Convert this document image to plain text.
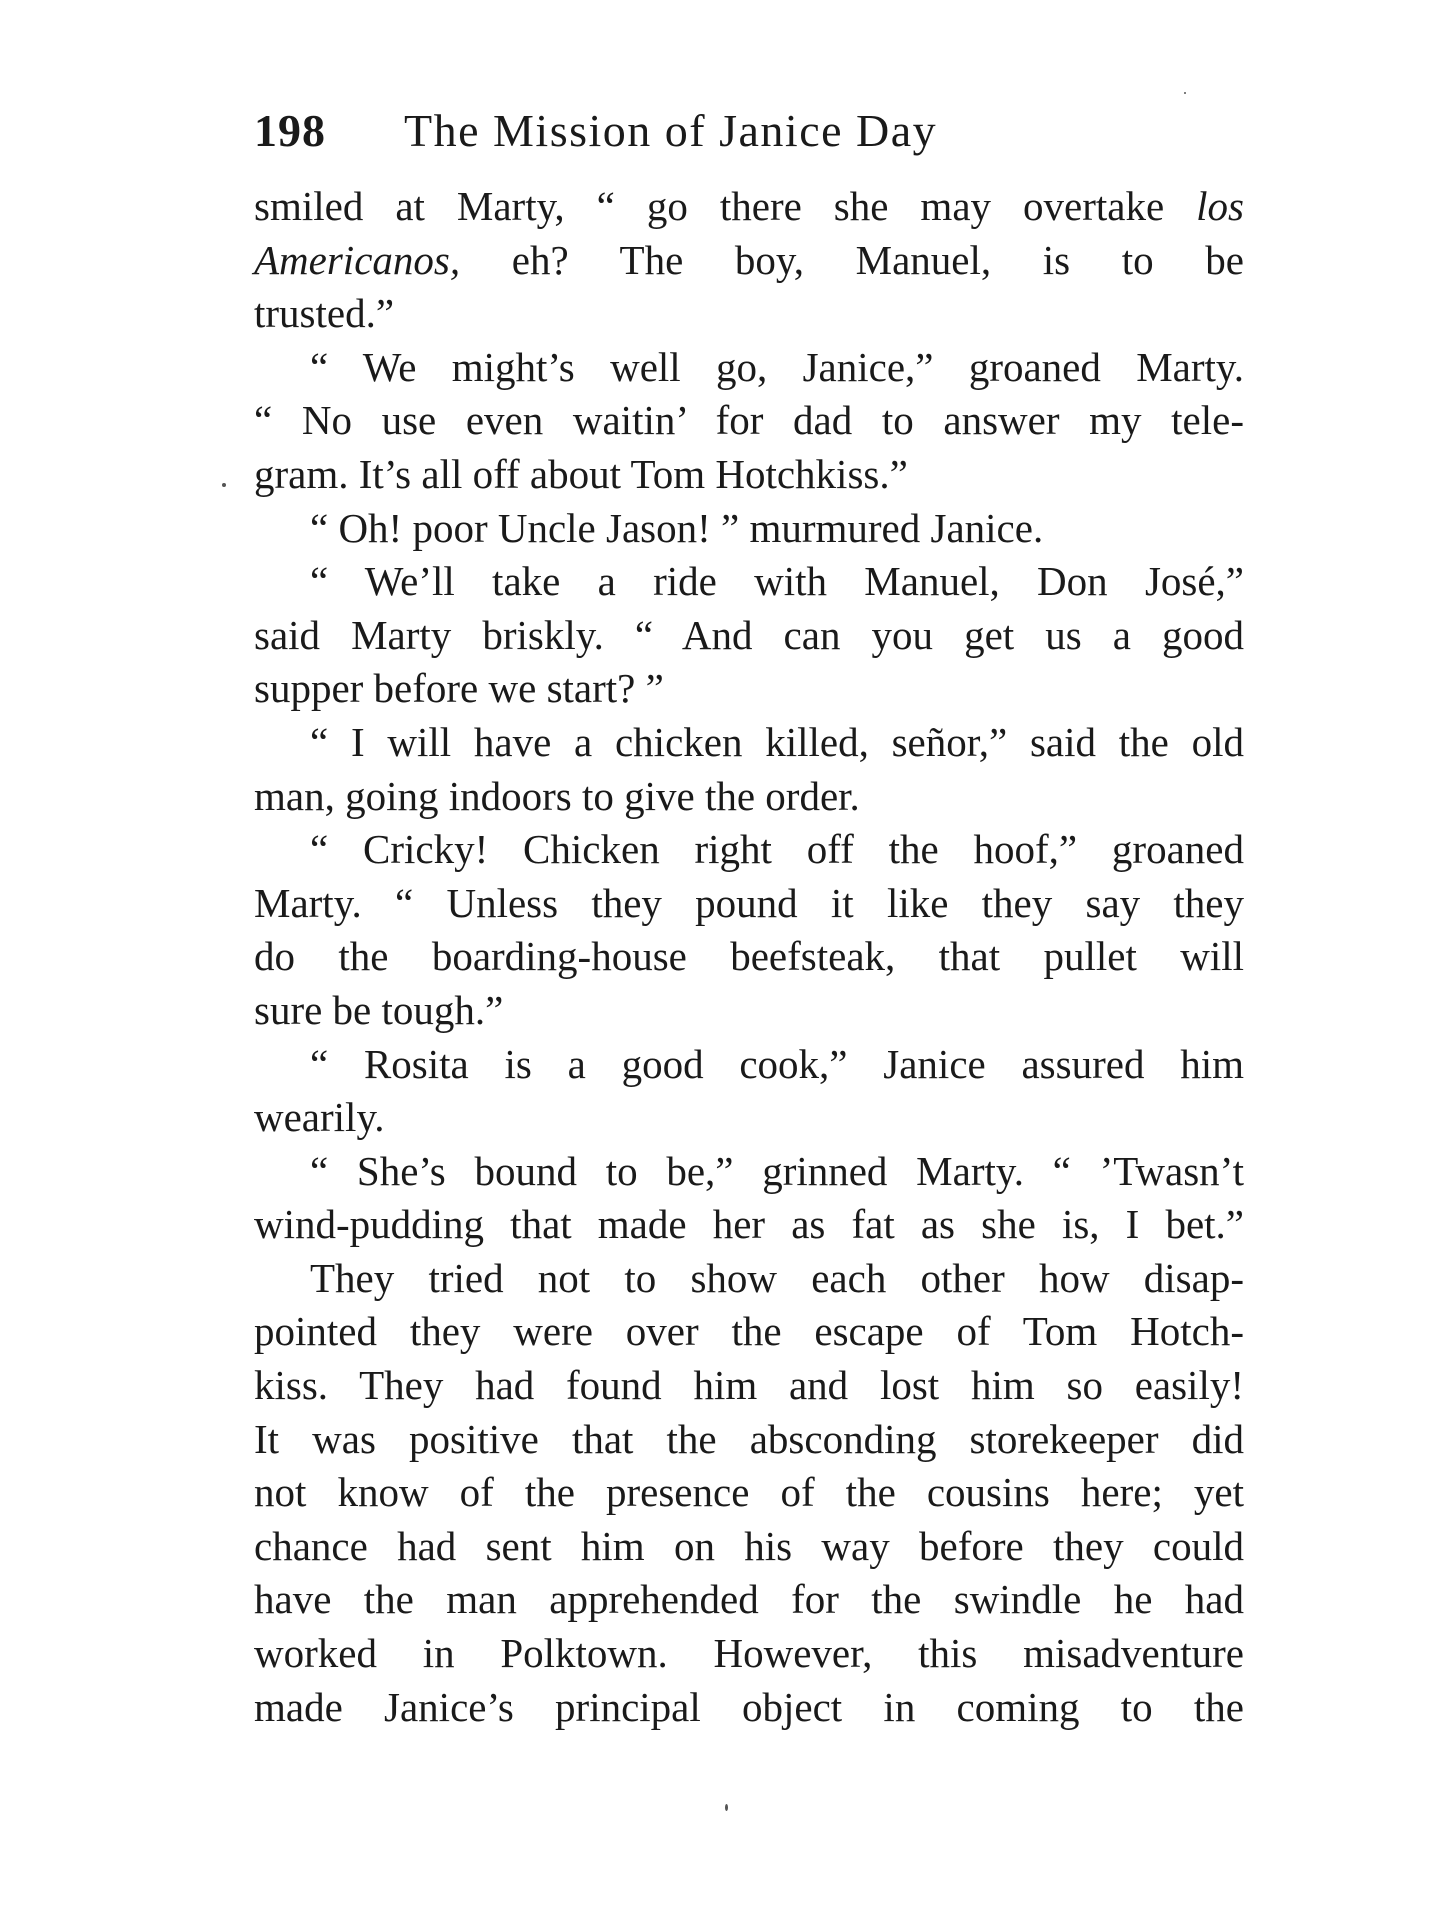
198 The Mission of Janice Day
smiled at Marty, “ go there she may overtake los
Americanos, eh? The boy, Manuel, is to be
trusted.”
“ We might’s well go, Janice,” groaned Marty.
“ No use even waitin’ for dad to answer my tele-
gram. It’s all off about Tom Hotchkiss.”
“ Oh! poor Uncle Jason! ” murmured Janice.
“ We’ll take a ride with Manuel, Don José,”
said Marty briskly. “ And can you get us a good
supper before we start? ”
“ I will have a chicken killed, señor,” said the old
man, going indoors to give the order.
“ Cricky! Chicken right off the hoof,” groaned
Marty. “ Unless they pound it like they say they
do the boarding-house beefsteak, that pullet will
sure be tough.”
“ Rosita is a good cook,” Janice assured him
wearily.
“ She’s bound to be,” grinned Marty. “ ’Twasn’t
wind-pudding that made her as fat as she is, I bet.”
They tried not to show each other how disap-
pointed they were over the escape of Tom Hotch-
kiss. They had found him and lost him so easily!
It was positive that the absconding storekeeper did
not know of the presence of the cousins here; yet
chance had sent him on his way before they could
have the man apprehended for the swindle he had
worked in Polktown. However, this misadventure
made Janice’s principal object in coming to the
